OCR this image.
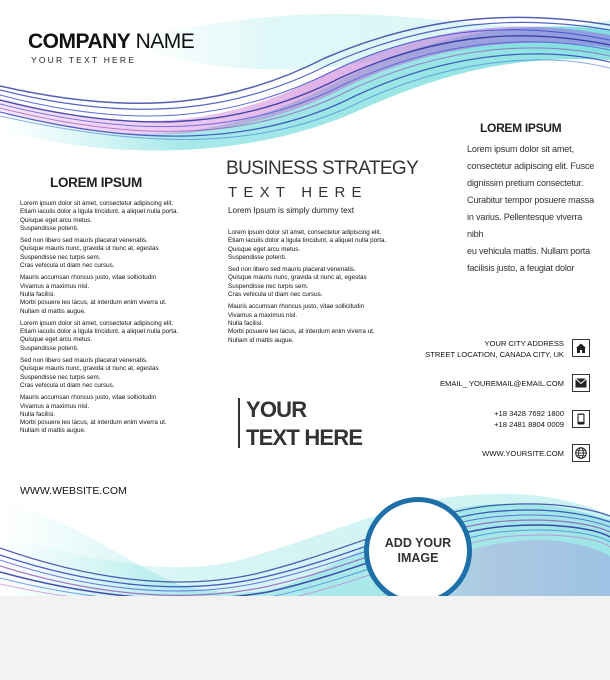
COMPANY NAME
YOUR TEXT HERE
LOREM IPSUM

Lorem ipsum dolor sit amet, consectetur adipiscing elit.
Etiam iaculis dolor a ligula tincidunt, a aliquet nulla porta.
Quisque eget arcu metus.
Suspendisse potenti.

Sed non libero sed mauris placerat venenatis.
Quisque mauris nunc, gravida ut nunc at, egestas
Suspendisse nec turpis sem.
Cras vehicula ut diam nec cursus.

Mauris accumsan rhoncus justo, vitae sollicitudin
Vivamus a maximus nisl.
Nulla facilisi.
Morbi posuere leo lacus, at interdum enim viverra ut.
Nullam id mattis augue.

Lorem ipsum dolor sit amet, consectetur adipiscing elit.
Etiam iaculis dolor a ligula tincidunt, a aliquet nulla porta.
Quisque eget arcu metus.
Suspendisse potenti.

Sed non libero sed mauris placerat venenatis.
Quisque mauris nunc, gravida ut nunc at, egestas
Suspendisse nec turpis sem.
Cras vehicula ut diam nec cursus.

Mauris accumsan rhoncus justo, vitae sollicitudin
Vivamus a maximus nisl.
Nulla facilisi.
Morbi posuere leo lacus, at interdum enim viverra ut.
Nullam id mattis augue.

WWW.WEBSITE.COM
BUSINESS STRATEGY
TEXT HERE
Lorem Ipsum is simply dummy text

Lorem ipsum dolor sit amet, consectetur adipiscing elit.
Etiam iaculis dolor a ligula tincidunt, a aliquet nulla porta.
Quisque eget arcu metus.
Suspendisse potenti.

Sed non libero sed mauris placerat venenatis.
Quisque mauris nunc, gravida ut nunc at, egestas
Suspendisse nec turpis sem.
Cras vehicula ut diam nec cursus.

Mauris accumsan rhoncus justo, vitae sollicitudin
Vivamus a maximus nisl.
Nulla facilisi.
Morbi posuere leo lacus, at interdum enim viverra ut.
Nullam id mattis augue.

YOUR
TEXT HERE
LOREM IPSUM
Lorem ipsum dolor sit amet,
consectetur adipiscing elit. Fusce
dignissim pretium consectetur.
Curabitur tempor posuere massa
in varius. Pellentesque viverra nibh
eu vehicula mattis. Nullam porta
facilisis justo, a feugiat dolor
YOUR CITY ADDRESS
STREET LOCATION, CANADA CITY, UK
EMAIL_ YOUREMAIL@EMAIL.COM
+18 3428 7692 1800
+18 2481 8804 0009
WWW.YOURSITE.COM
ADD YOUR
IMAGE
